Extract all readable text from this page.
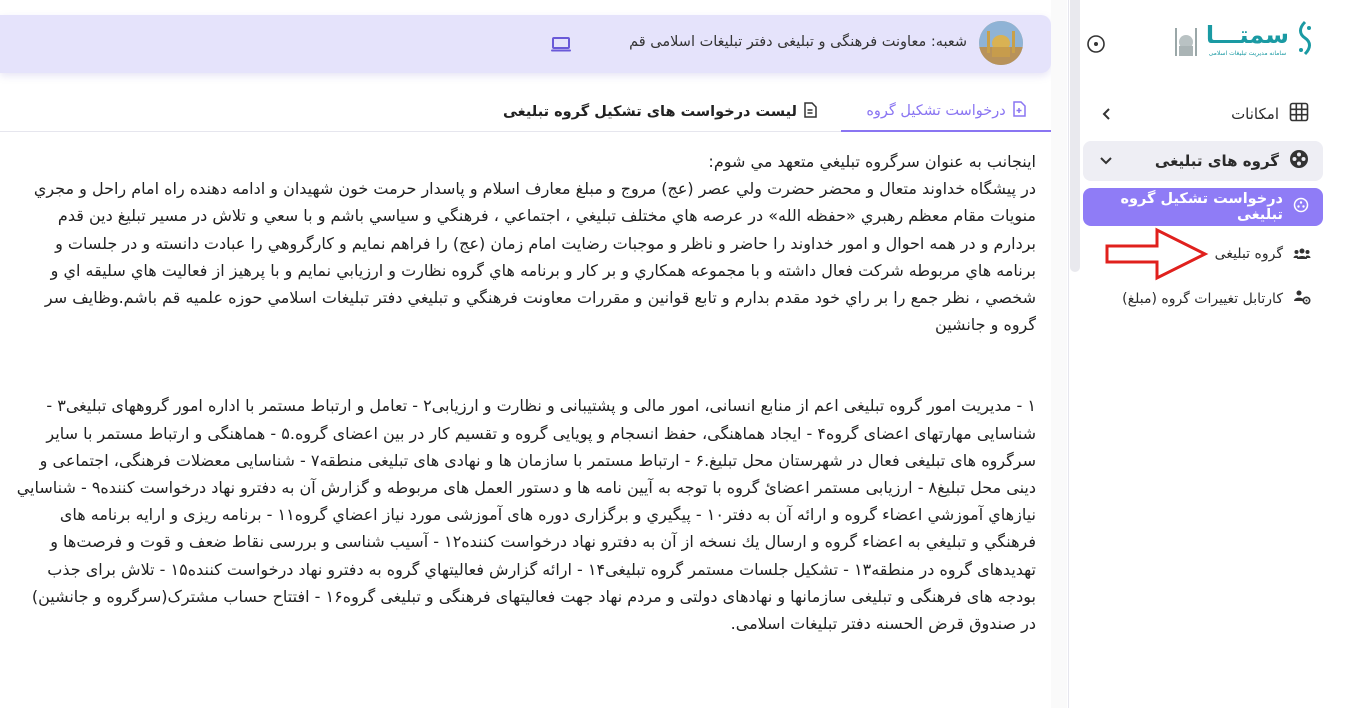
شعبه: معاونت فرهنگی و تبلیغی دفتر تبلیغات اسلامی قم
درخواست تشکیل گروه
لیست درخواست های تشکیل گروه تبلیغی

اينجانب به عنوان سرگروه تبليغي متعهد مي شوم:
در پيشگاه خداوند متعال و محضر حضرت ولي عصر (عج) مروج و مبلغ معارف اسلام و پاسدار حرمت خون شهيدان و ادامه دهنده راه امام راحل و مجري منويات مقام معظم رهبري «حفظه الله» در عرصه هاي مختلف تبليغي ، اجتماعي ، فرهنگي و سياسي باشم و با سعي و تلاش در مسير تبليغ دين قدم بردارم و در همه احوال و امور خداوند را حاضر و ناظر و موجبات رضايت امام زمان (عج) را فراهم نمايم و كارگروهي را عبادت دانسته و در جلسات و برنامه هاي مربوطه شركت فعال داشته و با مجموعه همكاري و بر كار و برنامه هاي گروه نظارت و ارزيابي نمايم و با پرهيز از فعاليت هاي سليقه اي و شخصي ، نظر جمع را بر راي خود مقدم بدارم و تابع قوانين و مقررات معاونت فرهنگي و تبليغي دفتر تبليغات اسلامي حوزه علميه قم باشم.وظايف سر گروه و جانشين

۱ - مدیریت امور گروه تبلیغی اعم از منابع انسانی، امور مالی و پشتیبانی و نظارت و ارزیابی۲ - تعامل و ارتباط مستمر با اداره امور گروههای تبلیغی۳ - شناسایی مهارتهای اعضای گروه۴ - ایجاد هماهنگی، حفظ انسجام و پویایی گروه و تقسیم کار در بین اعضای گروه.۵ - هماهنگی و ارتباط مستمر با سایر سرگروه های تبلیغی فعال در شهرستان محل تبلیغ.۶ - ارتباط مستمر با سازمان ها و نهادی های تبلیغی منطقه۷ - شناسایی معضلات فرهنگی، اجتماعی و دینی محل تبلیغ۸ - ارزیابی مستمر اعضائ گروه با توجه به آیین نامه ها و دستور العمل های مربوطه و گزارش آن به دفترو نهاد درخواست کننده۹ - شناسايي نيازهاي آموزشي اعضاء گروه و ارائه آن به دفتر۱۰ - پيگيري و برگزاری دوره های آموزشی مورد نیاز اعضاي گروه۱۱ - برنامه ریزی و ارايه برنامه های فرهنگي و تبليغي به اعضاء گروه و ارسال يك نسخه از آن به دفترو نهاد درخواست کننده۱۲ - آسیب شناسی و بررسی نقاط ضعف و قوت و فرصت‌ها و تهدیدهای گروه در منطقه۱۳ - تشکیل جلسات مستمر گروه تبلیغی۱۴ - ارائه گزارش فعاليتهاي گروه به دفترو نهاد درخواست کننده۱۵ - تلاش برای جذب بودجه های فرهنگی و تبلیغی سازمانها و نهادهای دولتی و مردم نهاد جهت فعالیتهای فرهنگی و تبلیغی گروه۱۶ - افتتاح حساب مشترک(سرگروه و جانشین) در صندوق قرض الحسنه دفتر تبلیغات اسلامی.

سمتـــا
سامانه مدیریت تبلیغات اسلامی
امکانات
گروه های تبلیغی
درخواست تشکیل گروه تبلیغی
گروه تبلیغی
کارتابل تغییرات گروه (مبلغ)
